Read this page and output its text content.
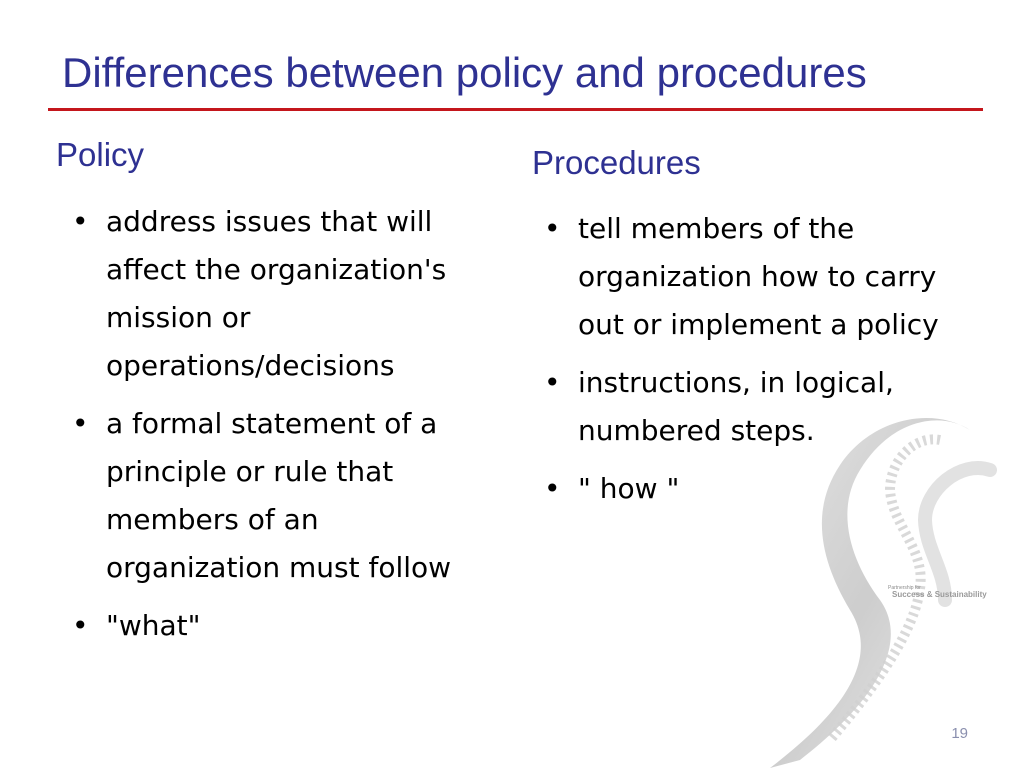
Differences between policy and procedures
Policy	Procedures
• address issues that will affect the organization's mission or operations/decisions
• a formal statement of a principle or rule that members of an organization must follow
• "what"
• tell members of the organization how to carry out or implement a policy
• instructions, in logical, numbered steps.
• " how "
Partnership for
Success & Sustainability
19
